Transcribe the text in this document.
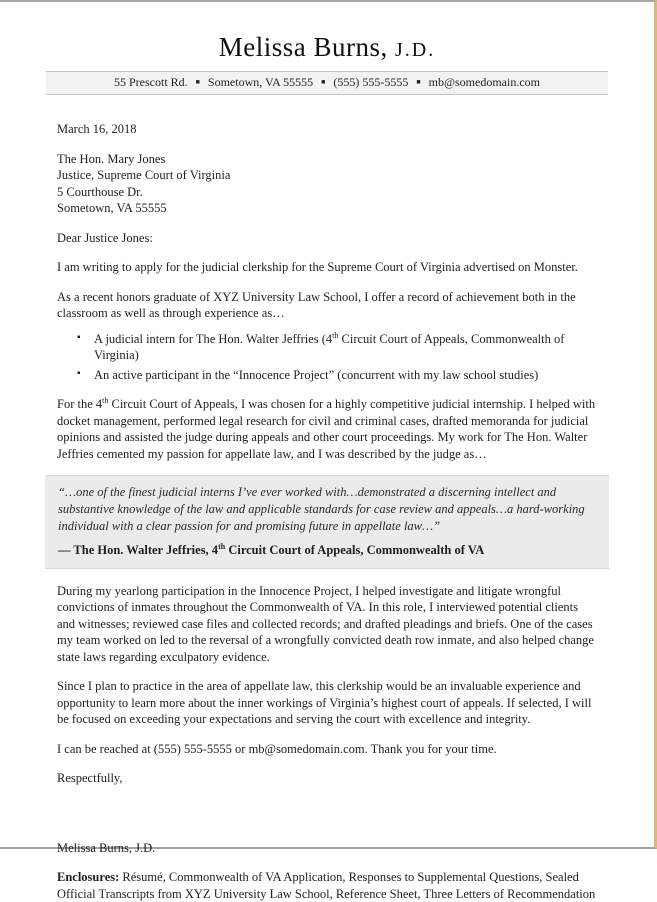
Melissa Burns, J.D.
55 Prescott Rd. ■ Sometown, VA 55555 ■ (555) 555-5555 ■ mb@somedomain.com

March 16, 2018

The Hon. Mary Jones
Justice, Supreme Court of Virginia
5 Courthouse Dr.
Sometown, VA 55555

Dear Justice Jones:

I am writing to apply for the judicial clerkship for the Supreme Court of Virginia advertised on Monster.

As a recent honors graduate of XYZ University Law School, I offer a record of achievement both in the classroom as well as through experience as…

▪ A judicial intern for The Hon. Walter Jeffries (4th Circuit Court of Appeals, Commonwealth of Virginia)
▪ An active participant in the “Innocence Project” (concurrent with my law school studies)

For the 4th Circuit Court of Appeals, I was chosen for a highly competitive judicial internship. I helped with docket management, performed legal research for civil and criminal cases, drafted memoranda for judicial opinions and assisted the judge during appeals and other court proceedings. My work for The Hon. Walter Jeffries cemented my passion for appellate law, and I was described by the judge as…

“…one of the finest judicial interns I’ve ever worked with…demonstrated a discerning intellect and substantive knowledge of the law and applicable standards for case review and appeals…a hard-working individual with a clear passion for and promising future in appellate law…”

— The Hon. Walter Jeffries, 4th Circuit Court of Appeals, Commonwealth of VA

During my yearlong participation in the Innocence Project, I helped investigate and litigate wrongful convictions of inmates throughout the Commonwealth of VA. In this role, I interviewed potential clients and witnesses; reviewed case files and collected records; and drafted pleadings and briefs. One of the cases my team worked on led to the reversal of a wrongfully convicted death row inmate, and also helped change state laws regarding exculpatory evidence.

Since I plan to practice in the area of appellate law, this clerkship would be an invaluable experience and opportunity to learn more about the inner workings of Virginia’s highest court of appeals. If selected, I will be focused on exceeding your expectations and serving the court with excellence and integrity.

I can be reached at (555) 555-5555 or mb@somedomain.com. Thank you for your time.

Respectfully,

Melissa Burns, J.D.

Enclosures: Résumé, Commonwealth of VA Application, Responses to Supplemental Questions, Sealed Official Transcripts from XYZ University Law School, Reference Sheet, Three Letters of Recommendation
